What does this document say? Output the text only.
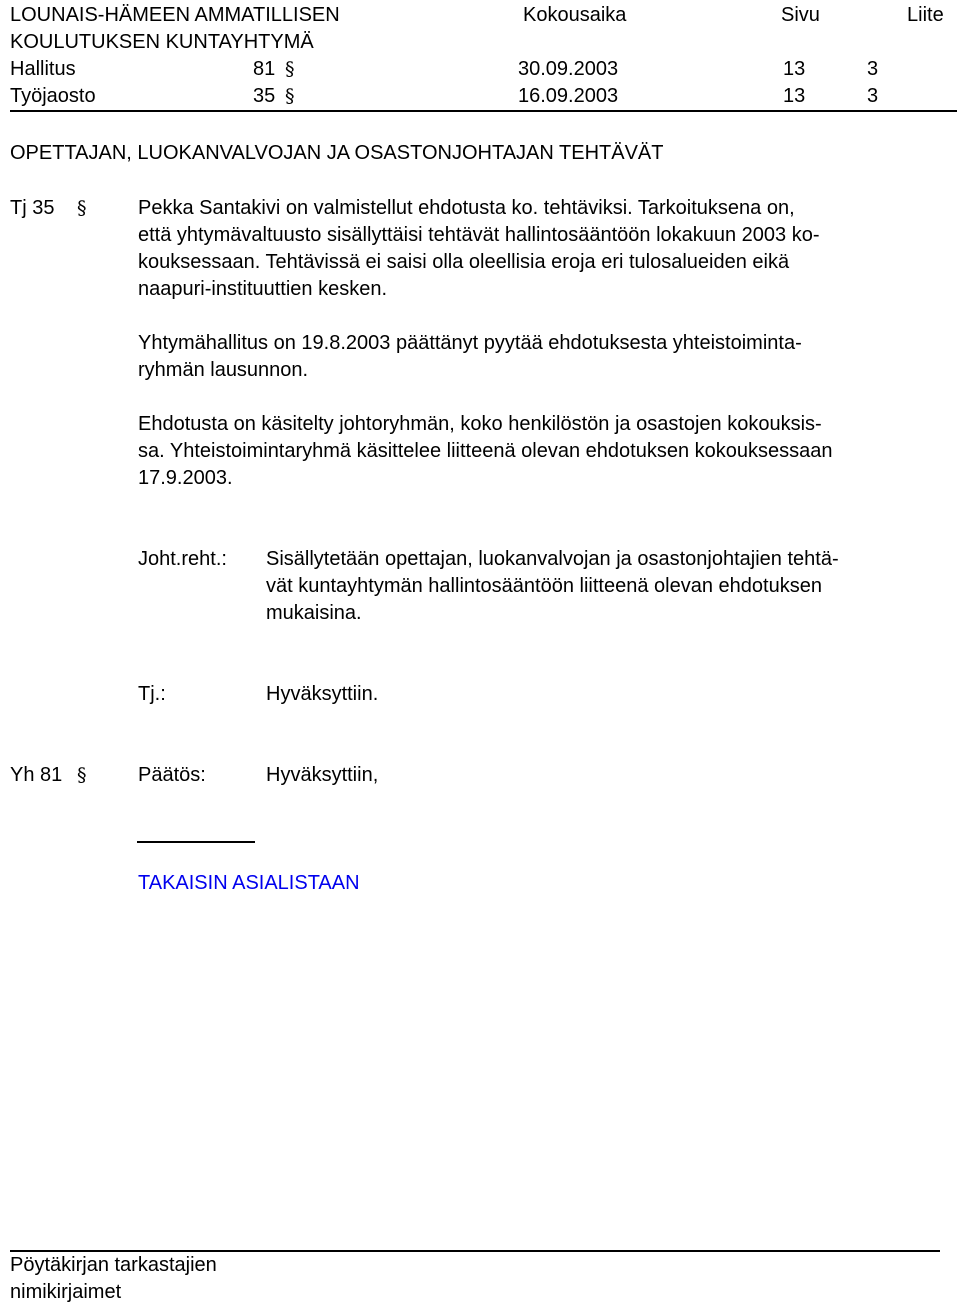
LOUNAIS-HÄMEEN AMMATILLISEN
KOULUTUKSEN KUNTAYHTYMÄ
Kokousaika	Sivu	Liite
Hallitus	81 §	30.09.2003	13	3
Työjaosto	35 §	16.09.2003	13	3
OPETTAJAN, LUOKANVALVOJAN JA OSASTONJOHTAJAN TEHTÄVÄT
Tj 35 §	Pekka Santakivi on valmistellut ehdotusta ko. tehtäviksi. Tarkoituksena on,
että yhtymävaltuusto sisällyttäisi tehtävät hallintosääntöön lokakuun 2003 ko-
kouksessaan. Tehtävissä ei saisi olla oleellisia eroja eri tulosalueiden eikä
naapuri-instituuttien kesken.
Yhtymähallitus on 19.8.2003 päättänyt pyytää ehdotuksesta yhteistoiminta-
ryhmän lausunnon.
Ehdotusta on käsitelty johtoryhmän, koko henkilöstön ja osastojen kokouksis-
sa. Yhteistoimintaryhmä käsittelee liitteenä olevan ehdotuksen kokouksessaan
17.9.2003.
Joht.reht.: Sisällytetään opettajan, luokanvalvojan ja osastonjohtajien tehtä-
vät kuntayhtymän hallintosääntöön liitteenä olevan ehdotuksen
mukaisina.
Tj.:	Hyväksyttiin.
Yh 81 §	Päätös:	Hyväksyttiin,
TAKAISIN ASIALISTAAN
Pöytäkirjan tarkastajien
nimikirjaimet
